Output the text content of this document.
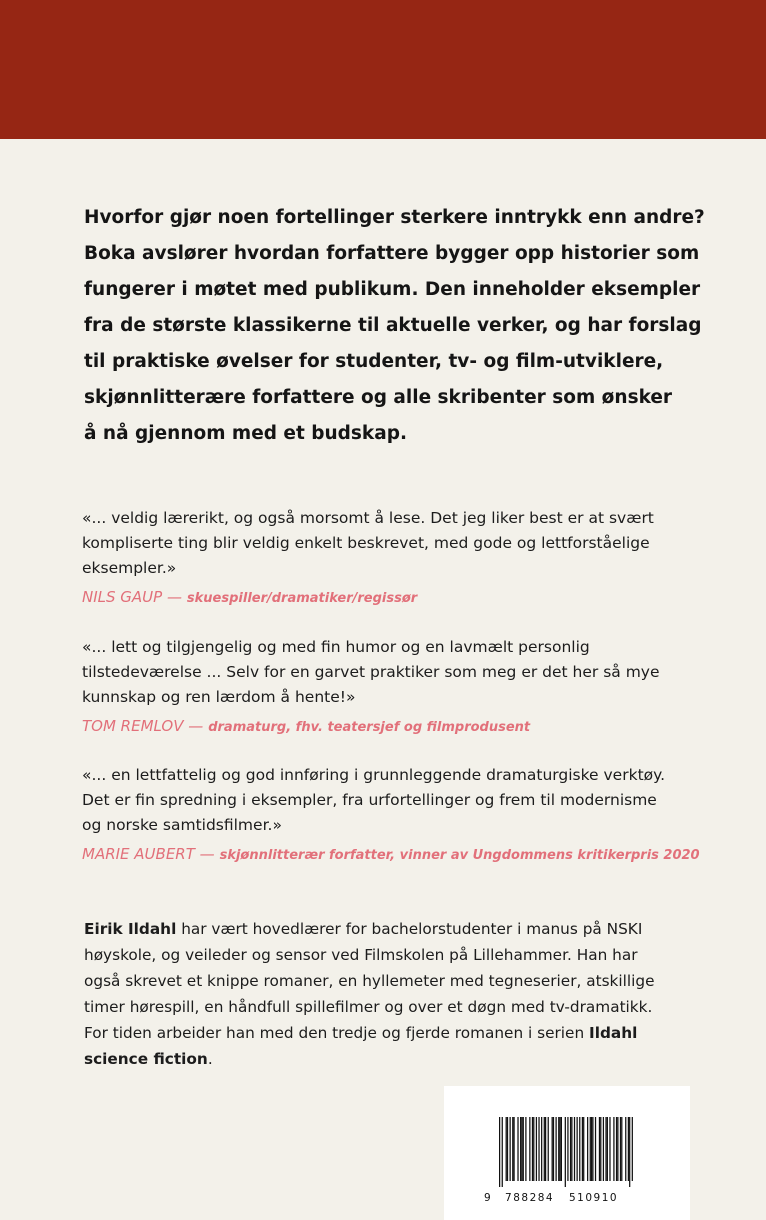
Hvorfor gjør noen fortellinger sterkere inntrykk enn andre?
Boka avslører hvordan forfattere bygger opp historier som
fungerer i møtet med publikum. Den inneholder eksempler
fra de største klassikerne til aktuelle verker, og har forslag
til praktiske øvelser for studenter, tv- og film-utviklere,
skjønnlitterære forfattere og alle skribenter som ønsker
å nå gjennom med et budskap.
«... veldig lærerikt, og også morsomt å lese. Det jeg liker best er at svært
kompliserte ting blir veldig enkelt beskrevet, med gode og lettforståelige
eksempler.»
NILS GAUP — skuespiller/dramatiker/regissør
«... lett og tilgjengelig og med fin humor og en lavmælt personlig
tilstedeværelse ... Selv for en garvet praktiker som meg er det her så mye
kunnskap og ren lærdom å hente!»
TOM REMLOV — dramaturg, fhv. teatersjef og filmprodusent
«... en lettfattelig og god innføring i grunnleggende dramaturgiske verktøy.
Det er fin spredning i eksempler, fra urfortellinger og frem til modernisme
og norske samtidsfilmer.»
MARIE AUBERT — skjønnlitterær forfatter, vinner av Ungdommens kritikerpris 2020
Eirik Ildahl har vært hovedlærer for bachelorstudenter i manus på NSKI
høyskole, og veileder og sensor ved Filmskolen på Lillehammer. Han har
også skrevet et knippe romaner, en hyllemeter med tegneserier, atskillige
timer hørespill, en håndfull spillefilmer og over et døgn med tv-dramatikk.
For tiden arbeider han med den tredje og fjerde romanen i serien Ildahl
science fiction.
9 788284 510910
